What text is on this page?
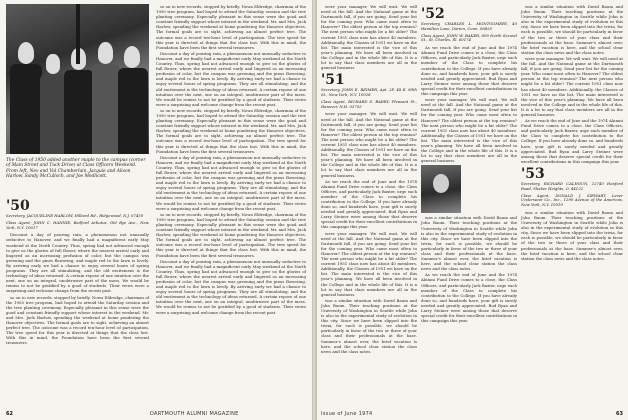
The Class of 1950 added another maple to the campus (corner of Main Street and Tuck Drive) at Class Officers Weekend. From left, Nev and Val Chamberlain, Jacquie and Alison Harlow, Sandy McCulloch, and Joe Medlicott.
'50
Secretary, JACQUELINE HARLOW, Hilliard Rd., Ridgewood, N.J. 07450
Class Agent, JOHN C. HANNIE, Bedford Arbutus, Old Bye Ave., New York, N.Y. 10017

Discount a day of pouring rain, a phenomenon not unusually seductive to Hanover, and we finally had a magnificent early May weekend at the North Country. Thus, spring had not advanced enough to give us the glories of full flower, where the nearest arrival early and lingered as an increasing profusion of color, but the campus was greening and the pines flowering, and maple red to the lawn is lovely. By arriving early we had a chance to enjoy several hours of spring programs. They are all stimulating, and the old excitement is the technology of ideas returned. A certain repose of one intuition over the next, one on an integral, unobtrusive part of the mess. We would be remiss to not be gratified by a good of students. Their views were a surprising and welcome change from the recent past.

so on to new records, stopped by briefly. Nowa Eldredge, chairman of the 1950 tree program, had hoped to attend the Saturday session and the tree planting ceremony. Especially pleasant in this sense were the good and constant friendly support whose interest in the weekend. Mr. and Mrs. Jack Harlow, spending the weekend at home pondering the Hanover objectives. The formal goals are to sight, achieving an almost perfect tree. The outcome was a record ten-hour level of participation. The tree speed for this year is directed at things that the class lost. With this in mind, the Foundation have been the first several treasurers.

so on to new records, stopped by briefly. Nowa Eldredge, chairman of the 1950 tree program, had hoped to attend the Saturday session and the tree planting ceremony. Especially pleasant in this sense were the good and constant friendly support whose interest in the weekend. Mr. and Mrs. Jack Harlow, spending the weekend at home pondering the Hanover objectives. The formal goals are to sight, achieving an almost perfect tree. The outcome was a record ten-hour level of participation. The tree speed for this year is directed at things that the class lost. With this in mind, the Foundation have been the first several treasurers.

Discount a day of pouring rain, a phenomenon not unusually seductive to Hanover, and we finally had a magnificent early May weekend at the North Country. Thus, spring had not advanced enough to give us the glories of full flower, where the nearest arrival early and lingered as an increasing profusion of color, but the campus was greening and the pines flowering, and maple red to the lawn is lovely. By arriving early we had a chance to enjoy several hours of spring programs. They are all stimulating, and the old excitement is the technology of ideas returned. A certain repose of one intuition over the next, one on an integral, unobtrusive part of the mess. We would be remiss to not be gratified by a good of students. Their views were a surprising and welcome change from the recent past.

so on to new records, stopped by briefly. Nowa Eldredge, chairman of the 1950 tree program, had hoped to attend the Saturday session and the tree planting ceremony. Especially pleasant in this sense were the good and constant friendly support whose interest in the weekend. Mr. and Mrs. Jack Harlow, spending the weekend at home pondering the Hanover objectives. The formal goals are to sight, achieving an almost perfect tree. The outcome was a record ten-hour level of participation. The tree speed for this year is directed at things that the class lost. With this in mind, the Foundation have been the first several treasurers.

Discount a day of pouring rain, a phenomenon not unusually seductive to Hanover, and we finally had a magnificent early May weekend at the North Country. Thus, spring had not advanced enough to give us the glories of full flower, where the nearest arrival early and lingered as an increasing profusion of color, but the campus was greening and the pines flowering, and maple red to the lawn is lovely. By arriving early we had a chance to enjoy several hours of spring programs. They are all stimulating, and the old excitement is the technology of ideas returned. A certain repose of one intuition over the next, one on an integral, unobtrusive part of the mess. We would be remiss to not be gratified by a good of students. Their views were a surprising and welcome change from the recent past.

so on to new records, stopped by briefly. Nowa Eldredge, chairman of the 1950 tree program, had hoped to attend the Saturday session and the tree planting ceremony. Especially pleasant in this sense were the good and constant friendly support whose interest in the weekend. Mr. and Mrs. Jack Harlow, spending the weekend at home pondering the Hanover objectives. The formal goals are to sight, achieving an almost perfect tree. The outcome was a record ten-hour level of participation. The tree speed for this year is directed at things that the class lost. With this in mind, the Foundation have been the first several treasurers.

Discount a day of pouring rain, a phenomenon not unusually seductive to Hanover, and we finally had a magnificent early May weekend at the North Country. Thus, spring had not advanced enough to give us the glories of full flower, where the nearest arrival early and lingered as an increasing profusion of color, but the campus was greening and the pines flowering, and maple red to the lawn is lovely. By arriving early we had a chance to enjoy several hours of spring programs. They are all stimulating, and the old excitement is the technology of ideas returned. A certain repose of one intuition over the next, one on an integral, unobtrusive part of the mess. We would be remiss to not be gratified by a good of students. Their views were a surprising and welcome change from the recent past.

62	DARTMOUTH ALUMNI MAGAZINE

were your manager. We will wait. We will need at the fall. And the National game at the Dartmouth fall, if you are going. Send your list for the coming year. Who came most often to Hanover? The oldest person at the top reunion? The next person who might be a bit older? The current 1951 class now has about 40 members. Additionally, the Classes of 1951 we have on the list. The main interested is the vice of this year's planning. We have all been involved in the College and in the whole life of this. It is a lot to say that class members are all in the general business.

'51
Secretary, JOHN E. REIMER, Apt. 2F, 48 E. 89th St., New York, N.Y. 10028
Class Agent, RICHARD S. BARRY, Pleasant St., Hanover, N.H. 03755

were your manager. We will wait. We will need at the fall. And the National game at the Dartmouth fall, if you are going. Send your list for the coming year. Who came most often to Hanover? The oldest person at the top reunion? The next person who might be a bit older? The current 1951 class now has about 40 members. Additionally, the Classes of 1951 we have on the list. The main interested is the vice of this year's planning. We have all been involved in the College and in the whole life of this. It is a lot to say that class members are all in the general business.

As we reach the end of June and the 1974 Alumni Fund Drive comes to a close, the Class Officers, and particularly Jack Baxter, urge each member of the Class to complete his contribution to the College. If you have already done so, and hundreds have, your gift is surely needed and greatly appreciated. Bud Ryan and Larry Steiner were among those that deserve special credit for their excellent contributions in this campaign this year.

were your manager. We will wait. We will need at the fall. And the National game at the Dartmouth fall, if you are going. Send your list for the coming year. Who came most often to Hanover? The oldest person at the top reunion? The next person who might be a bit older? The current 1951 class now has about 40 members. Additionally, the Classes of 1951 we have on the list. The main interested is the vice of this year's planning. We have all been involved in the College and in the whole life of this. It is a lot to say that class members are all in the general business.

was a similar situation with David Baum and John Baum. Their teaching positions at the University of Washington in Seattle while John is also in the experimental study of evolution in this city. Since we have been slipped into the trivia, for each is possible, we should be particularly in favor of the two or three of your class and their professionals at the base. Summer's almost over, the brief vacation is here, and the school clear station the class news and the class notes.

'52
Secretary, CHARLES L. MONTGOMERY, 40 Hamilton Lane, Darien, Conn. 06820
Class Agent, JOHN W. BAKER, 609 North Second St., St. Charles, Ill. 60174

As we reach the end of June and the 1974 Alumni Fund Drive comes to a close, the Class Officers, and particularly Jack Baxter, urge each member of the Class to complete his contribution to the College. If you have already done so, and hundreds have, your gift is surely needed and greatly appreciated. Bud Ryan and Larry Steiner were among those that deserve special credit for their excellent contributions in this campaign this year.

were your manager. We will wait. We will need at the fall. And the National game at the Dartmouth fall, if you are going. Send your list for the coming year. Who came most often to Hanover? The oldest person at the top reunion? The next person who might be a bit older? The current 1951 class now has about 40 members. Additionally, the Classes of 1951 we have on the list. The main interested is the vice of this year's planning. We have all been involved in the College and in the whole life of this. It is a lot to say that class members are all in the general business.

was a similar situation with David Baum and John Baum. Their teaching positions at the University of Washington in Seattle while John is also in the experimental study of evolution in this city. Since we have been slipped into the trivia, for each is possible, we should be particularly in favor of the two or three of your class and their professionals at the base. Summer's almost over, the brief vacation is here, and the school clear station the class news and the class notes.

As we reach the end of June and the 1974 Alumni Fund Drive comes to a close, the Class Officers, and particularly Jack Baxter, urge each member of the Class to complete his contribution to the College. If you have already done so, and hundreds have, your gift is surely needed and greatly appreciated. Bud Ryan and Larry Steiner were among those that deserve special credit for their excellent contributions in this campaign this year.

was a similar situation with David Baum and John Baum. Their teaching positions at the University of Washington in Seattle while John is also in the experimental study of evolution in this city. Since we have been slipped into the trivia, for each is possible, we should be particularly in favor of the two or three of your class and their professionals at the base. Summer's almost over, the brief vacation is here, and the school clear station the class news and the class notes.

were your manager. We will wait. We will need at the fall. And the National game at the Dartmouth fall, if you are going. Send your list for the coming year. Who came most often to Hanover? The oldest person at the top reunion? The next person who might be a bit older? The current 1951 class now has about 40 members. Additionally, the Classes of 1951 we have on the list. The main interested is the vice of this year's planning. We have all been involved in the College and in the whole life of this. It is a lot to say that class members are all in the general business.

As we reach the end of June and the 1974 Alumni Fund Drive comes to a close, the Class Officers, and particularly Jack Baxter, urge each member of the Class to complete his contribution to the College. If you have already done so, and hundreds have, your gift is surely needed and greatly appreciated. Bud Ryan and Larry Steiner were among those that deserve special credit for their excellent contributions in this campaign this year.

'53
Secretary, RICHARD CALHOUN, 22740 Hanford Road, Shaker Heights, O. 44122
Class Agent, DONALD J. SIEWART, Lever Underwear Co., Inc., 1290 Avenue of the Americas, New York, N.Y. 10019

was a similar situation with David Baum and John Baum. Their teaching positions at the University of Washington in Seattle while John is also in the experimental study of evolution in this city. Since we have been slipped into the trivia, for each is possible, we should be particularly in favor of the two or three of your class and their professionals at the base. Summer's almost over, the brief vacation is here, and the school clear station the class news and the class notes.

Issue of June 1974	63
